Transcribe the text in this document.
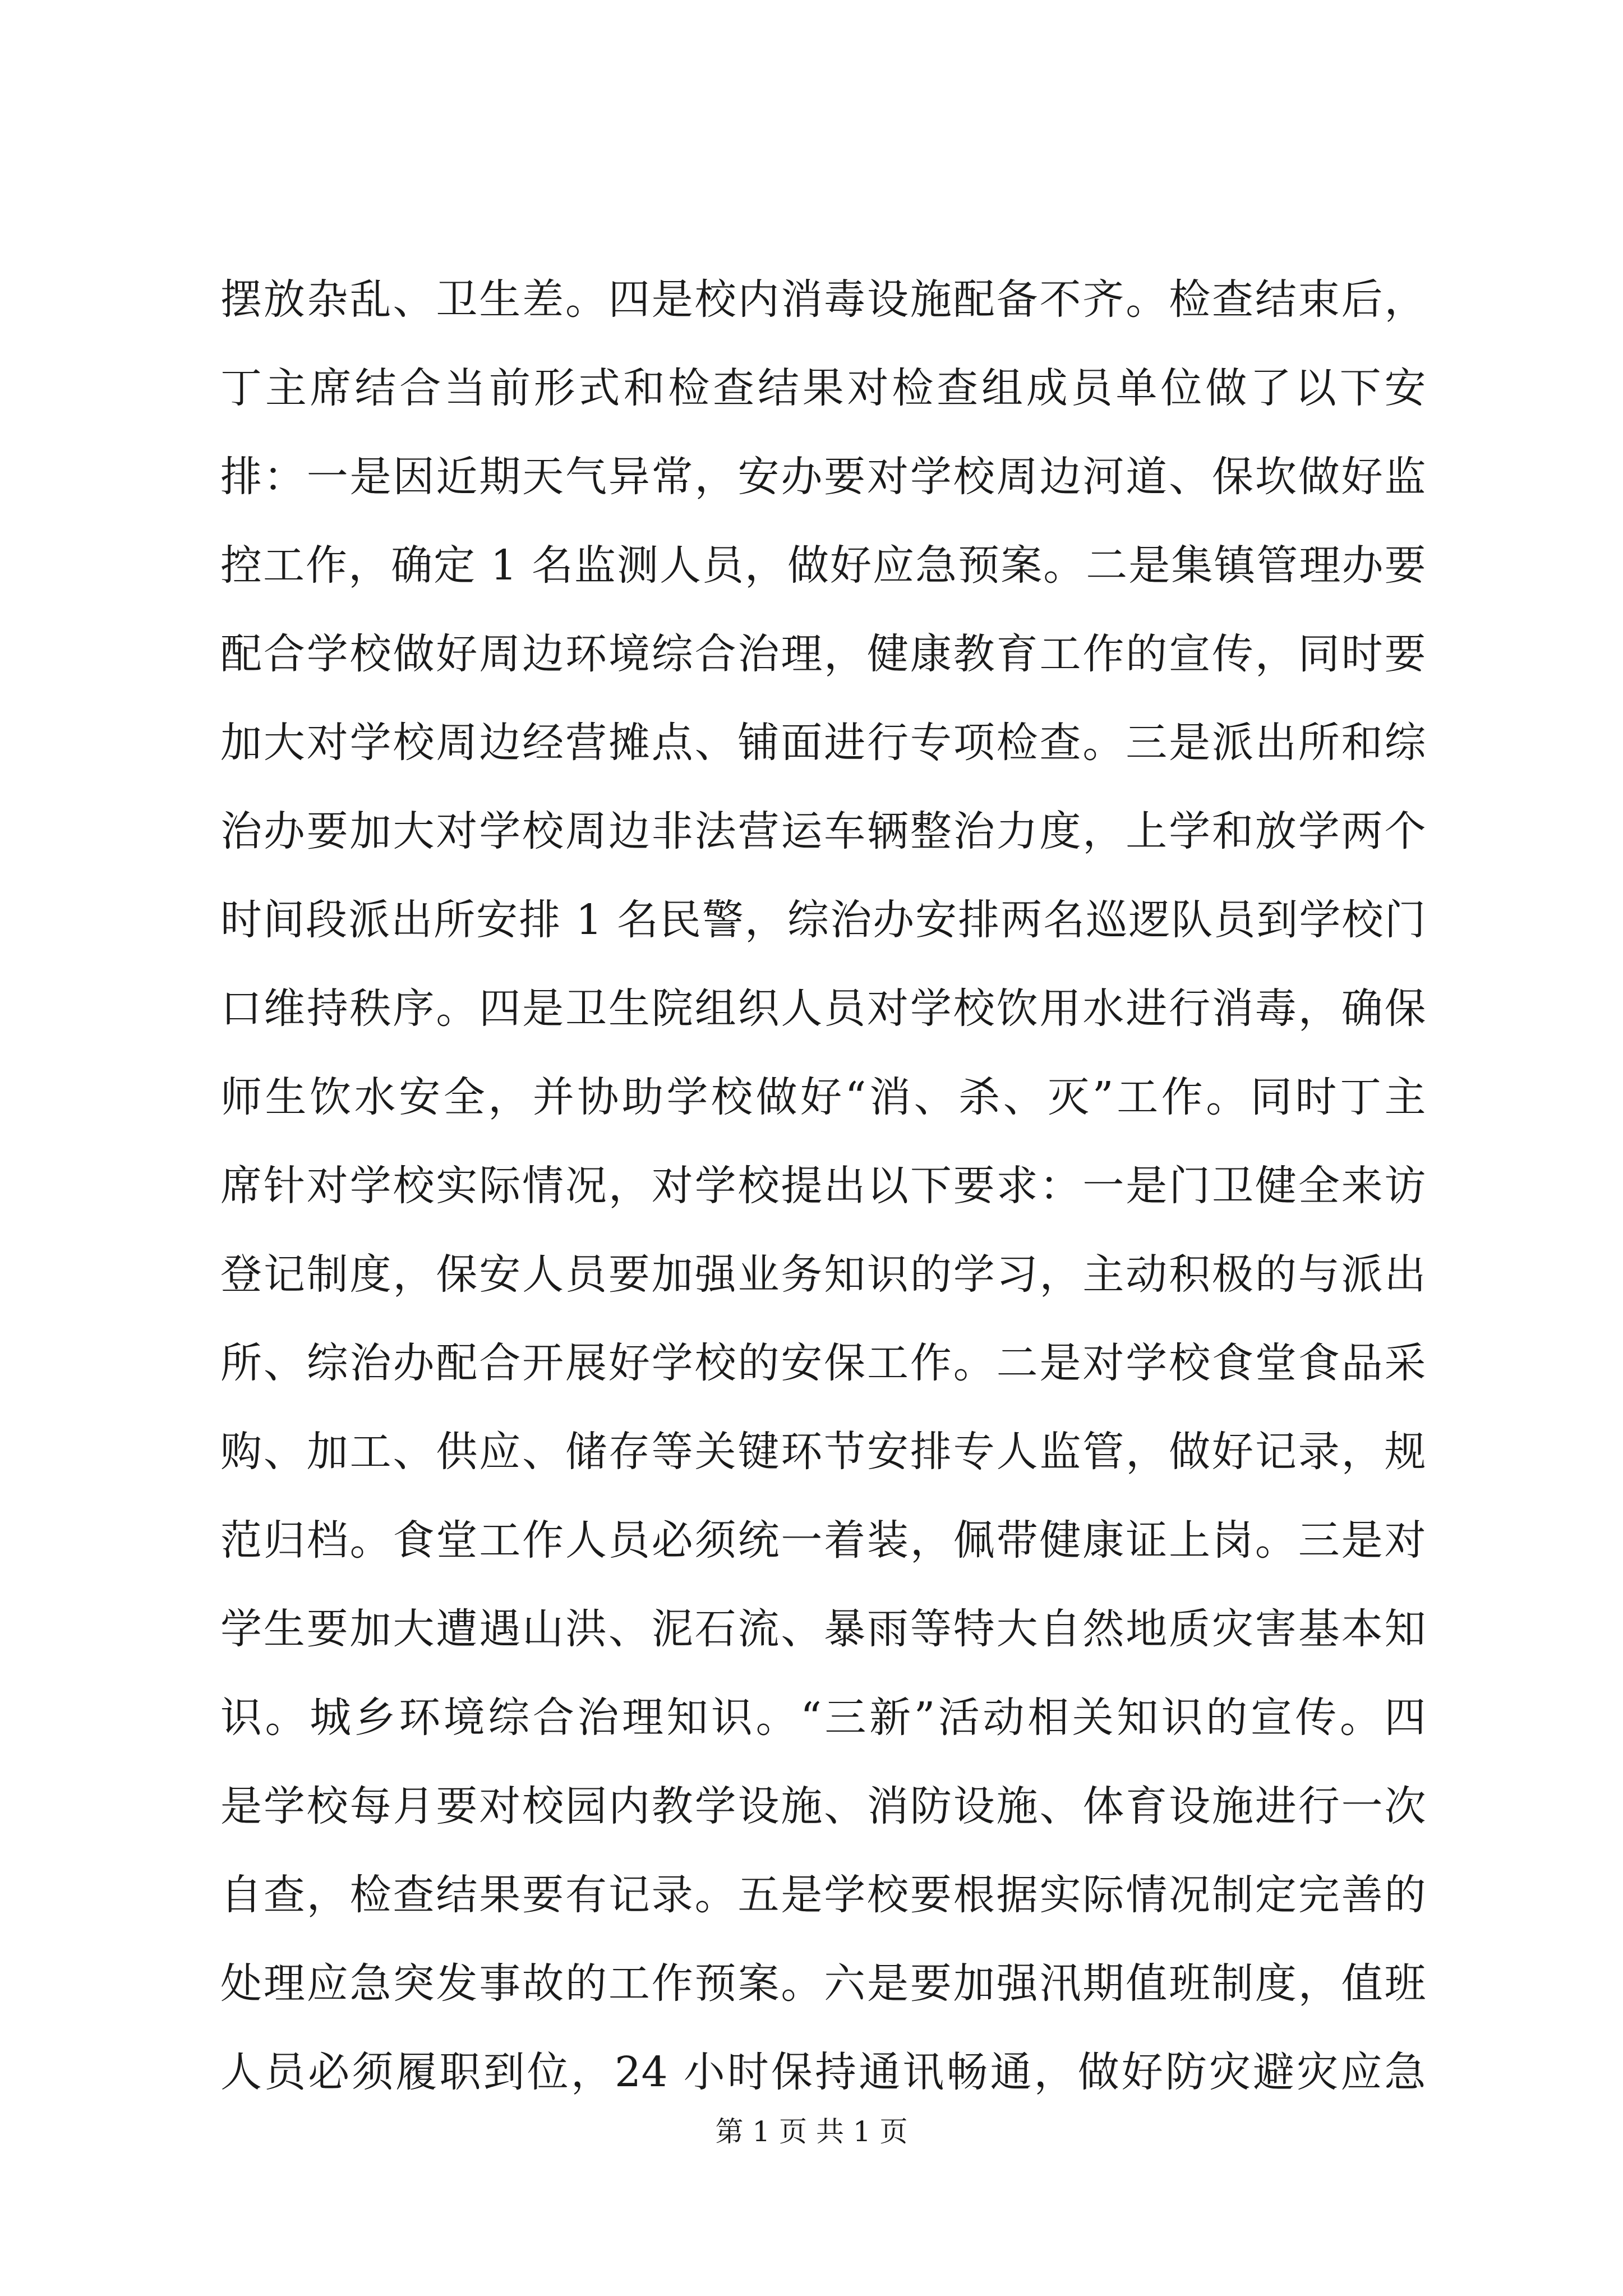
摆放杂乱、卫生差。四是校内消毒设施配备不齐。检查结束后，
丁主席结合当前形式和检查结果对检查组成员单位做了以下安
排：一是因近期天气异常，安办要对学校周边河道、保坎做好监
控工作，确定 1 名监测人员，做好应急预案。二是集镇管理办要
配合学校做好周边环境综合治理，健康教育工作的宣传，同时要
加大对学校周边经营摊点、铺面进行专项检查。三是派出所和综
治办要加大对学校周边非法营运车辆整治力度，上学和放学两个
时间段派出所安排 1 名民警，综治办安排两名巡逻队员到学校门
口维持秩序。四是卫生院组织人员对学校饮用水进行消毒，确保
师生饮水安全，并协助学校做好“消、杀、灭”工作。同时丁主
席针对学校实际情况，对学校提出以下要求：一是门卫健全来访
登记制度，保安人员要加强业务知识的学习，主动积极的与派出
所、综治办配合开展好学校的安保工作。二是对学校食堂食品采
购、加工、供应、储存等关键环节安排专人监管，做好记录，规
范归档。食堂工作人员必须统一着装，佩带健康证上岗。三是对
学生要加大遭遇山洪、泥石流、暴雨等特大自然地质灾害基本知
识。城乡环境综合治理知识。“三新”活动相关知识的宣传。四
是学校每月要对校园内教学设施、消防设施、体育设施进行一次
自查，检查结果要有记录。五是学校要根据实际情况制定完善的
处理应急突发事故的工作预案。六是要加强汛期值班制度，值班
人员必须履职到位，24 小时保持通讯畅通，做好防灾避灾应急
第 1 页 共 1 页
